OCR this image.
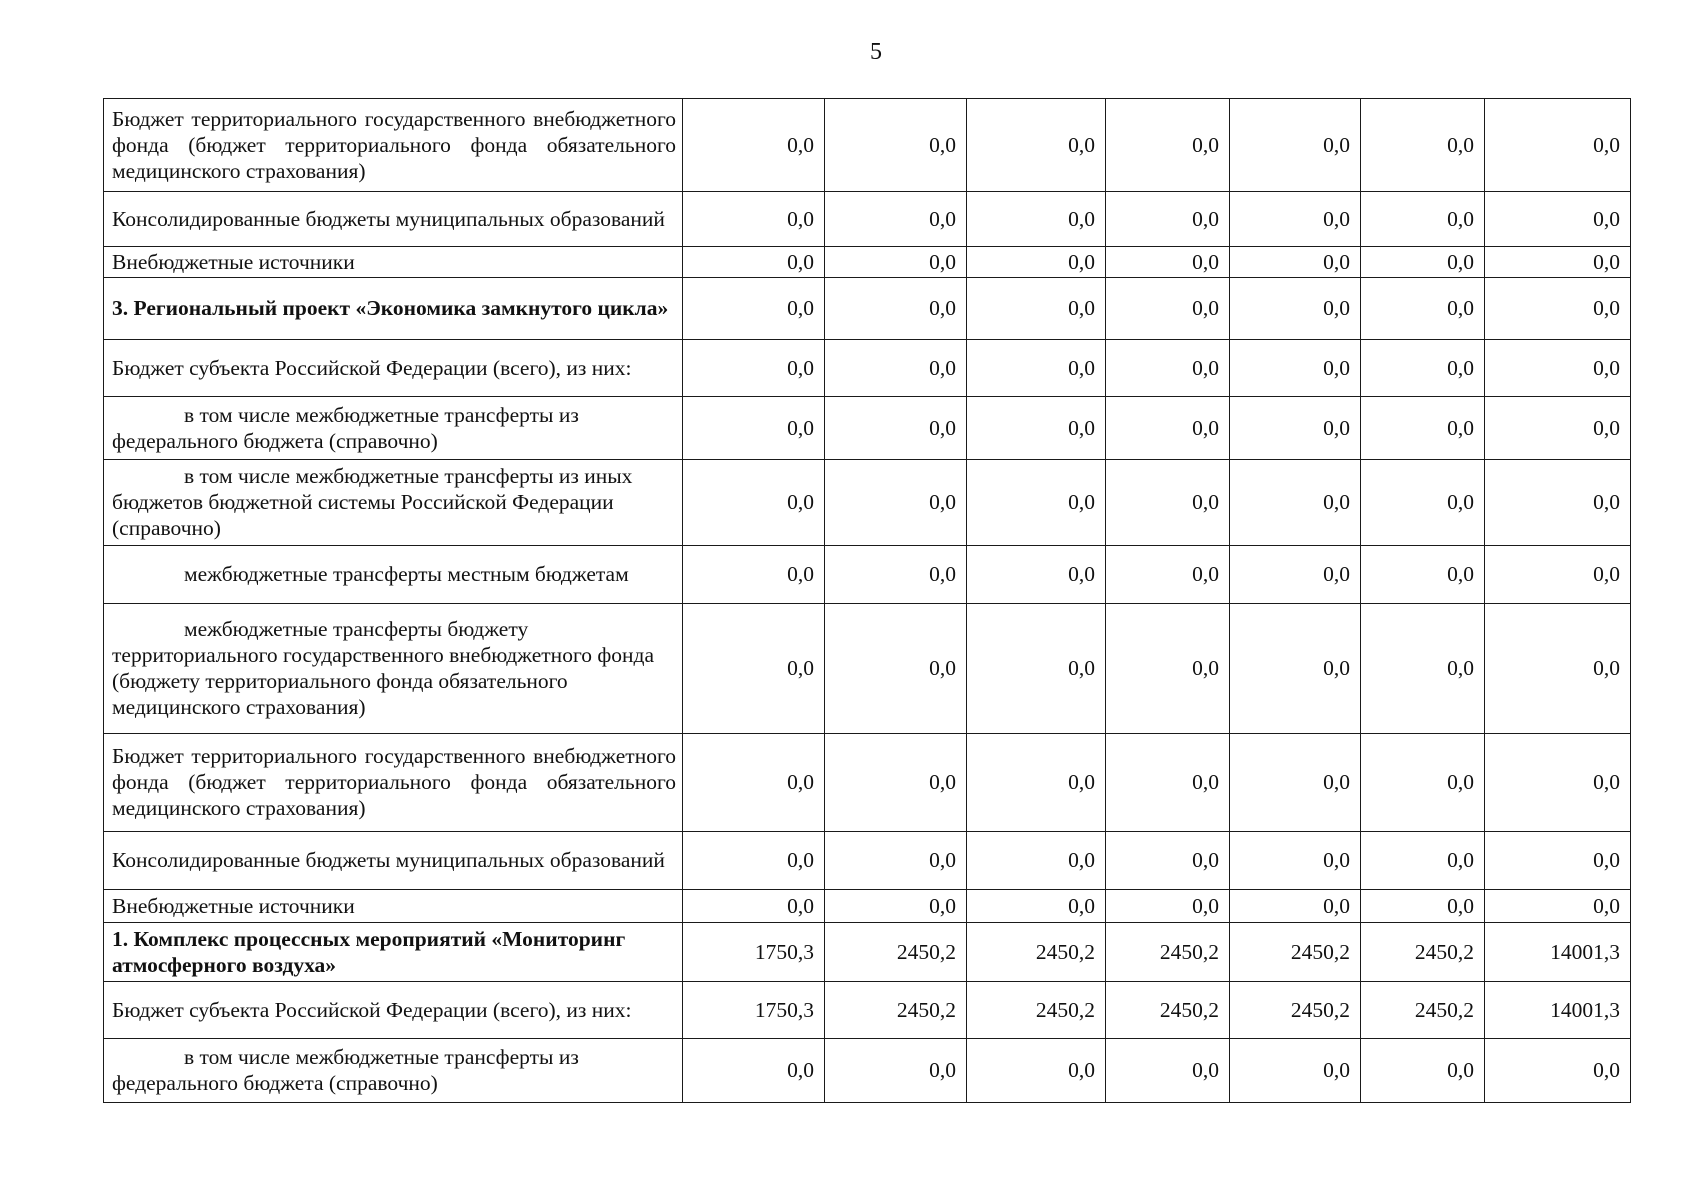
5
Бюджет территориального государственного внебюджетного фонда (бюджет территориального фонда обязательного медицинского страхования)	0,0	0,0	0,0	0,0	0,0	0,0	0,0
Консолидированные бюджеты муниципальных образований	0,0	0,0	0,0	0,0	0,0	0,0	0,0
Внебюджетные источники	0,0	0,0	0,0	0,0	0,0	0,0	0,0
3. Региональный проект «Экономика замкнутого цикла»	0,0	0,0	0,0	0,0	0,0	0,0	0,0
Бюджет субъекта Российской Федерации (всего), из них:	0,0	0,0	0,0	0,0	0,0	0,0	0,0
в том числе межбюджетные трансферты из федерального бюджета (справочно)	0,0	0,0	0,0	0,0	0,0	0,0	0,0
в том числе межбюджетные трансферты из иных бюджетов бюджетной системы Российской Федерации (справочно)	0,0	0,0	0,0	0,0	0,0	0,0	0,0
межбюджетные трансферты местным бюджетам	0,0	0,0	0,0	0,0	0,0	0,0	0,0
межбюджетные трансферты бюджету территориального государственного внебюджетного фонда (бюджету территориального фонда обязательного медицинского страхования)	0,0	0,0	0,0	0,0	0,0	0,0	0,0
Бюджет территориального государственного внебюджетного фонда (бюджет территориального фонда обязательного медицинского страхования)	0,0	0,0	0,0	0,0	0,0	0,0	0,0
Консолидированные бюджеты муниципальных образований	0,0	0,0	0,0	0,0	0,0	0,0	0,0
Внебюджетные источники	0,0	0,0	0,0	0,0	0,0	0,0	0,0
1. Комплекс процессных мероприятий «Мониторинг атмосферного воздуха»	1750,3	2450,2	2450,2	2450,2	2450,2	2450,2	14001,3
Бюджет субъекта Российской Федерации (всего), из них:	1750,3	2450,2	2450,2	2450,2	2450,2	2450,2	14001,3
в том числе межбюджетные трансферты из федерального бюджета (справочно)	0,0	0,0	0,0	0,0	0,0	0,0	0,0
